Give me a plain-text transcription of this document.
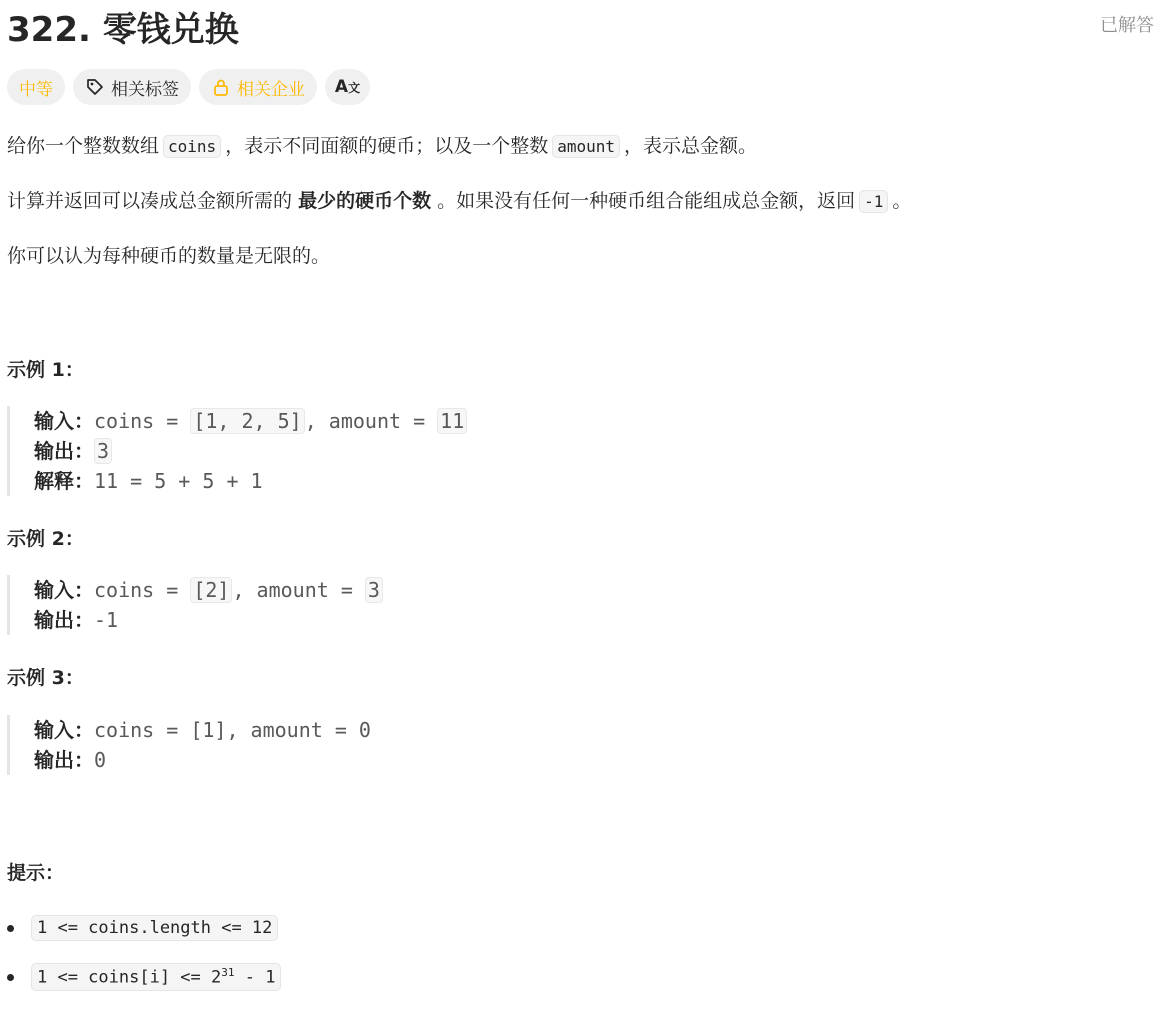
322. 零钱兑换	已解答
中等	相关标签	相关企业 A文
给你一个整数数组 coins ，表示不同面额的硬币；以及一个整数 amount ，表示总金额。
计算并返回可以凑成总金额所需的 最少的硬币个数 。如果没有任何一种硬币组合能组成总金额，返回 -1 。
你可以认为每种硬币的数量是无限的。
示例 1：
输入：coins = [1, 2, 5] , amount = 11
输出： 3
解释：11 = 5 + 5 + 1
示例 2：
输入：coins = [2] , amount = 3
输出：-1
示例 3：
输入：coins = [1], amount = 0
输出：0
提示：
1 <= coins.length <= 12
1 <= coins[i] <= $2^{31} - 1$
